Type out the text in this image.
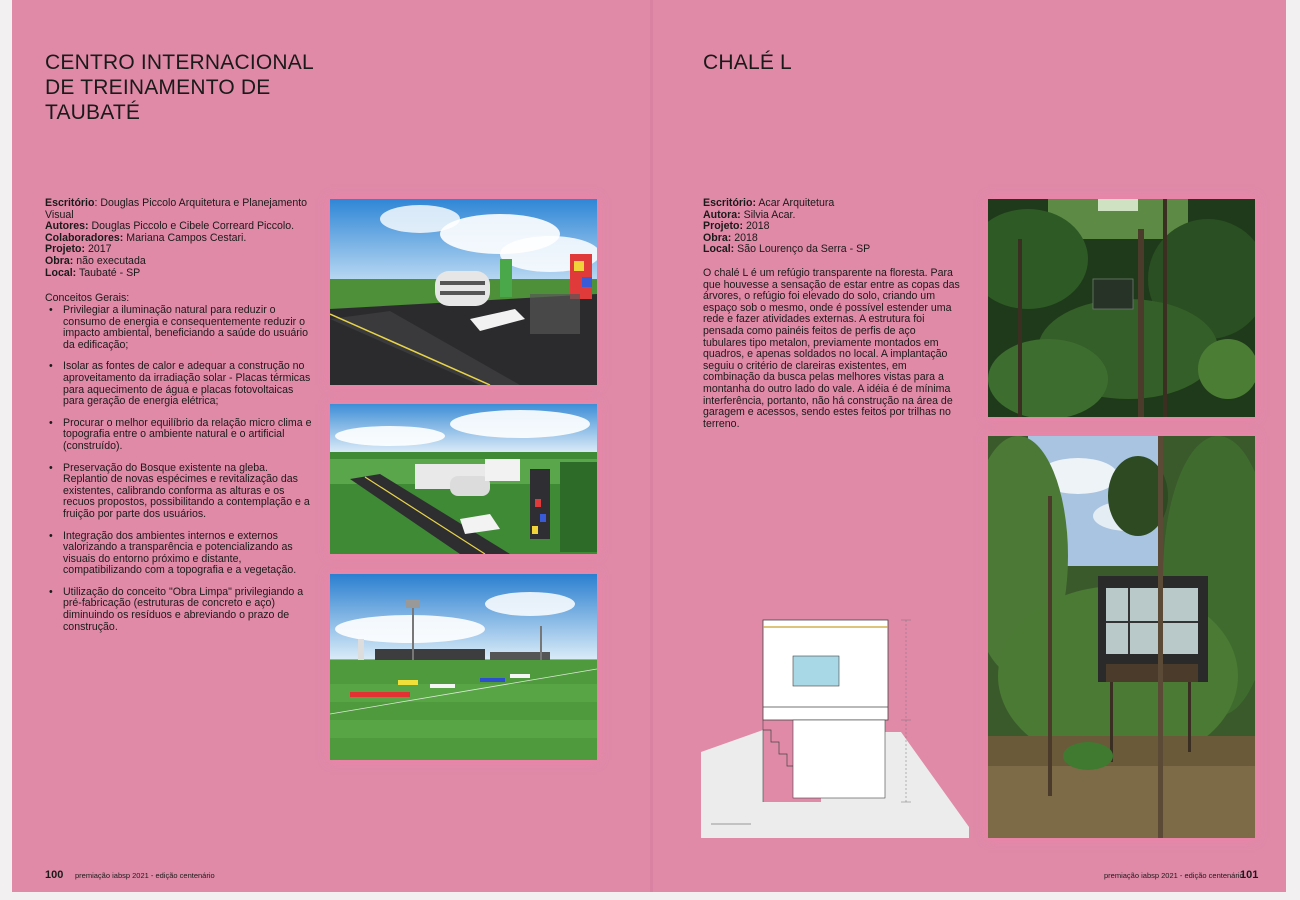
CENTRO INTERNACIONAL DE TREINAMENTO DE TAUBATÉ
Escritório: Douglas Piccolo Arquitetura e Planejamento Visual
Autores: Douglas Piccolo e Cibele Correard Piccolo.
Colaboradores: Mariana Campos Cestari.
Projeto: 2017
Obra: não executada
Local: Taubaté - SP
Conceitos Gerais:
• Privilegiar a iluminação natural para reduzir o consumo de energia e consequentemente reduzir o impacto ambiental, beneficiando a saúde do usuário da edificação;
• Isolar as fontes de calor e adequar a construção no aproveitamento da irradiação solar - Placas térmicas para aquecimento de água e placas fotovoltaicas para geração de energia elétrica;
• Procurar o melhor equilíbrio da relação micro clima e topografia entre o ambiente natural e o artificial (construído).
• Preservação do Bosque existente na gleba. Replantio de novas espécimes e revitalização das existentes, calibrando conforma as alturas e os recuos propostos, possibilitando a contemplação e a fruição por parte dos usuários.
• Integração dos ambientes internos e externos valorizando a transparência e potencializando as visuais do entorno próximo e distante, compatibilizando com a topografia e a vegetação.
• Utilização do conceito "Obra Limpa" privilegiando a pré-fabricação (estruturas de concreto e aço) diminuindo os resíduos e abreviando o prazo de construção.
100 premiação iabsp 2021 - edição centenário
CHALÉ L
Escritório: Acar Arquitetura
Autora: Silvia Acar.
Projeto: 2018
Obra: 2018
Local: São Lourenço da Serra - SP

O chalé L é um refúgio transparente na floresta. Para que houvesse a sensação de estar entre as copas das árvores, o refúgio foi elevado do solo, criando um espaço sob o mesmo, onde é possível estender uma rede e fazer atividades externas. A estrutura foi pensada como painéis feitos de perfis de aço tubulares tipo metalon, previamente montados em quadros, e apenas soldados no local. A implantação seguiu o critério de clareiras existentes, em combinação da busca pelas melhores vistas para a montanha do outro lado do vale. A idéia é de mínima interferência, portanto, não há construção na área de garagem e acessos, sendo estes feitos por trilhas no terreno.

premiação iabsp 2021 - edição centenário
101
